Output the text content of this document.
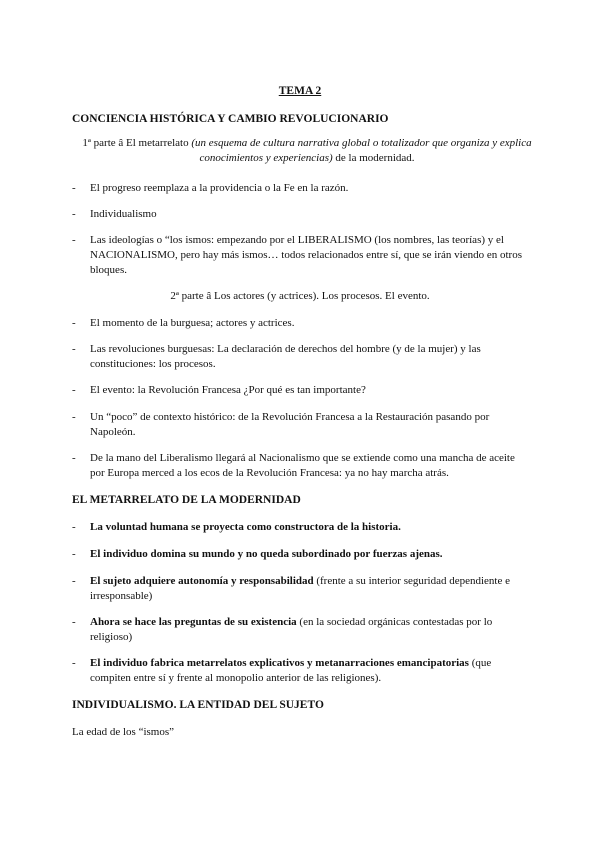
TEMA 2
CONCIENCIA HISTÓRICA Y CAMBIO REVOLUCIONARIO
1ª parte â El metarrelato (un esquema de cultura narrativa global o totalizador que organiza y explica conocimientos y experiencias) de la modernidad.
- El progreso reemplaza a la providencia o la Fe en la razón.
- Individualismo
- Las ideologías o “los ismos: empezando por el LIBERALISMO (los nombres, las teorías) y el NACIONALISMO, pero hay más ismos… todos relacionados entre sí, que se irán viendo en otros bloques.
2ª parte â Los actores (y actrices). Los procesos. El evento.
- El momento de la burguesa; actores y actrices.
- Las revoluciones burguesas: La declaración de derechos del hombre (y de la mujer) y las constituciones: los procesos.
- El evento: la Revolución Francesa ¿Por qué es tan importante?
- Un “poco” de contexto histórico: de la Revolución Francesa a la Restauración pasando por Napoleón.
- De la mano del Liberalismo llegará al Nacionalismo que se extiende como una mancha de aceite por Europa merced a los ecos de la Revolución Francesa: ya no hay marcha atrás.
EL METARRELATO DE LA MODERNIDAD
- La voluntad humana se proyecta como constructora de la historia.
- El individuo domina su mundo y no queda subordinado por fuerzas ajenas.
- El sujeto adquiere autonomía y responsabilidad (frente a su interior seguridad dependiente e irresponsable)
- Ahora se hace las preguntas de su existencia (en la sociedad orgánicas contestadas por lo religioso)
- El individuo fabrica metarrelatos explicativos y metanarraciones emancipatorias (que compiten entre sí y frente al monopolio anterior de las religiones).
INDIVIDUALISMO. LA ENTIDAD DEL SUJETO
La edad de los “ismos”
